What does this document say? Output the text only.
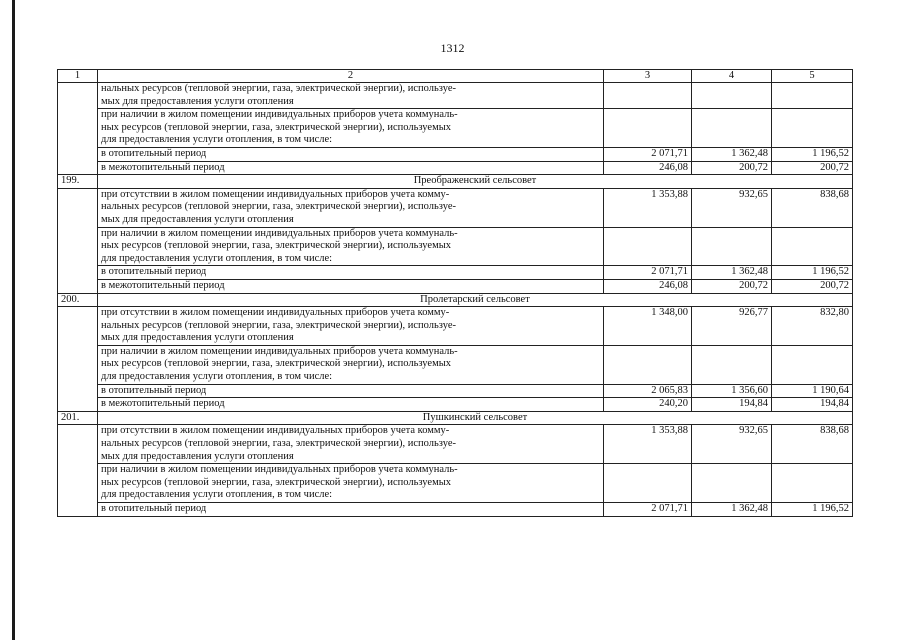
1312
1	2	3	4	5
	нальных ресурсов (тепловой энергии, газа, электрической энергии), используе-
мых для предоставления услуги отопления			
	при наличии в жилом помещении индивидуальных приборов учета коммуналь-
ных ресурсов (тепловой энергии, газа, электрической энергии), используемых
для предоставления услуги отопления, в том числе:			
	в отопительный период	2 071,71	1 362,48	1 196,52
	в межотопительный период	246,08	200,72	200,72
199.	Преображенский сельсовет			
	при отсутствии в жилом помещении индивидуальных приборов учета комму-
нальных ресурсов (тепловой энергии, газа, электрической энергии), используе-
мых для предоставления услуги отопления	1 353,88	932,65	838,68
	при наличии в жилом помещении индивидуальных приборов учета коммуналь-
ных ресурсов (тепловой энергии, газа, электрической энергии), используемых
для предоставления услуги отопления, в том числе:			
	в отопительный период	2 071,71	1 362,48	1 196,52
	в межотопительный период	246,08	200,72	200,72
200.	Пролетарский сельсовет			
	при отсутствии в жилом помещении индивидуальных приборов учета комму-
нальных ресурсов (тепловой энергии, газа, электрической энергии), используе-
мых для предоставления услуги отопления	1 348,00	926,77	832,80
	при наличии в жилом помещении индивидуальных приборов учета коммуналь-
ных ресурсов (тепловой энергии, газа, электрической энергии), используемых
для предоставления услуги отопления, в том числе:			
	в отопительный период	2 065,83	1 356,60	1 190,64
	в межотопительный период	240,20	194,84	194,84
201.	Пушкинский сельсовет			
	при отсутствии в жилом помещении индивидуальных приборов учета комму-
нальных ресурсов (тепловой энергии, газа, электрической энергии), используе-
мых для предоставления услуги отопления	1 353,88	932,65	838,68
	при наличии в жилом помещении индивидуальных приборов учета коммуналь-
ных ресурсов (тепловой энергии, газа, электрической энергии), используемых
для предоставления услуги отопления, в том числе:			
	в отопительный период	2 071,71	1 362,48	1 196,52
